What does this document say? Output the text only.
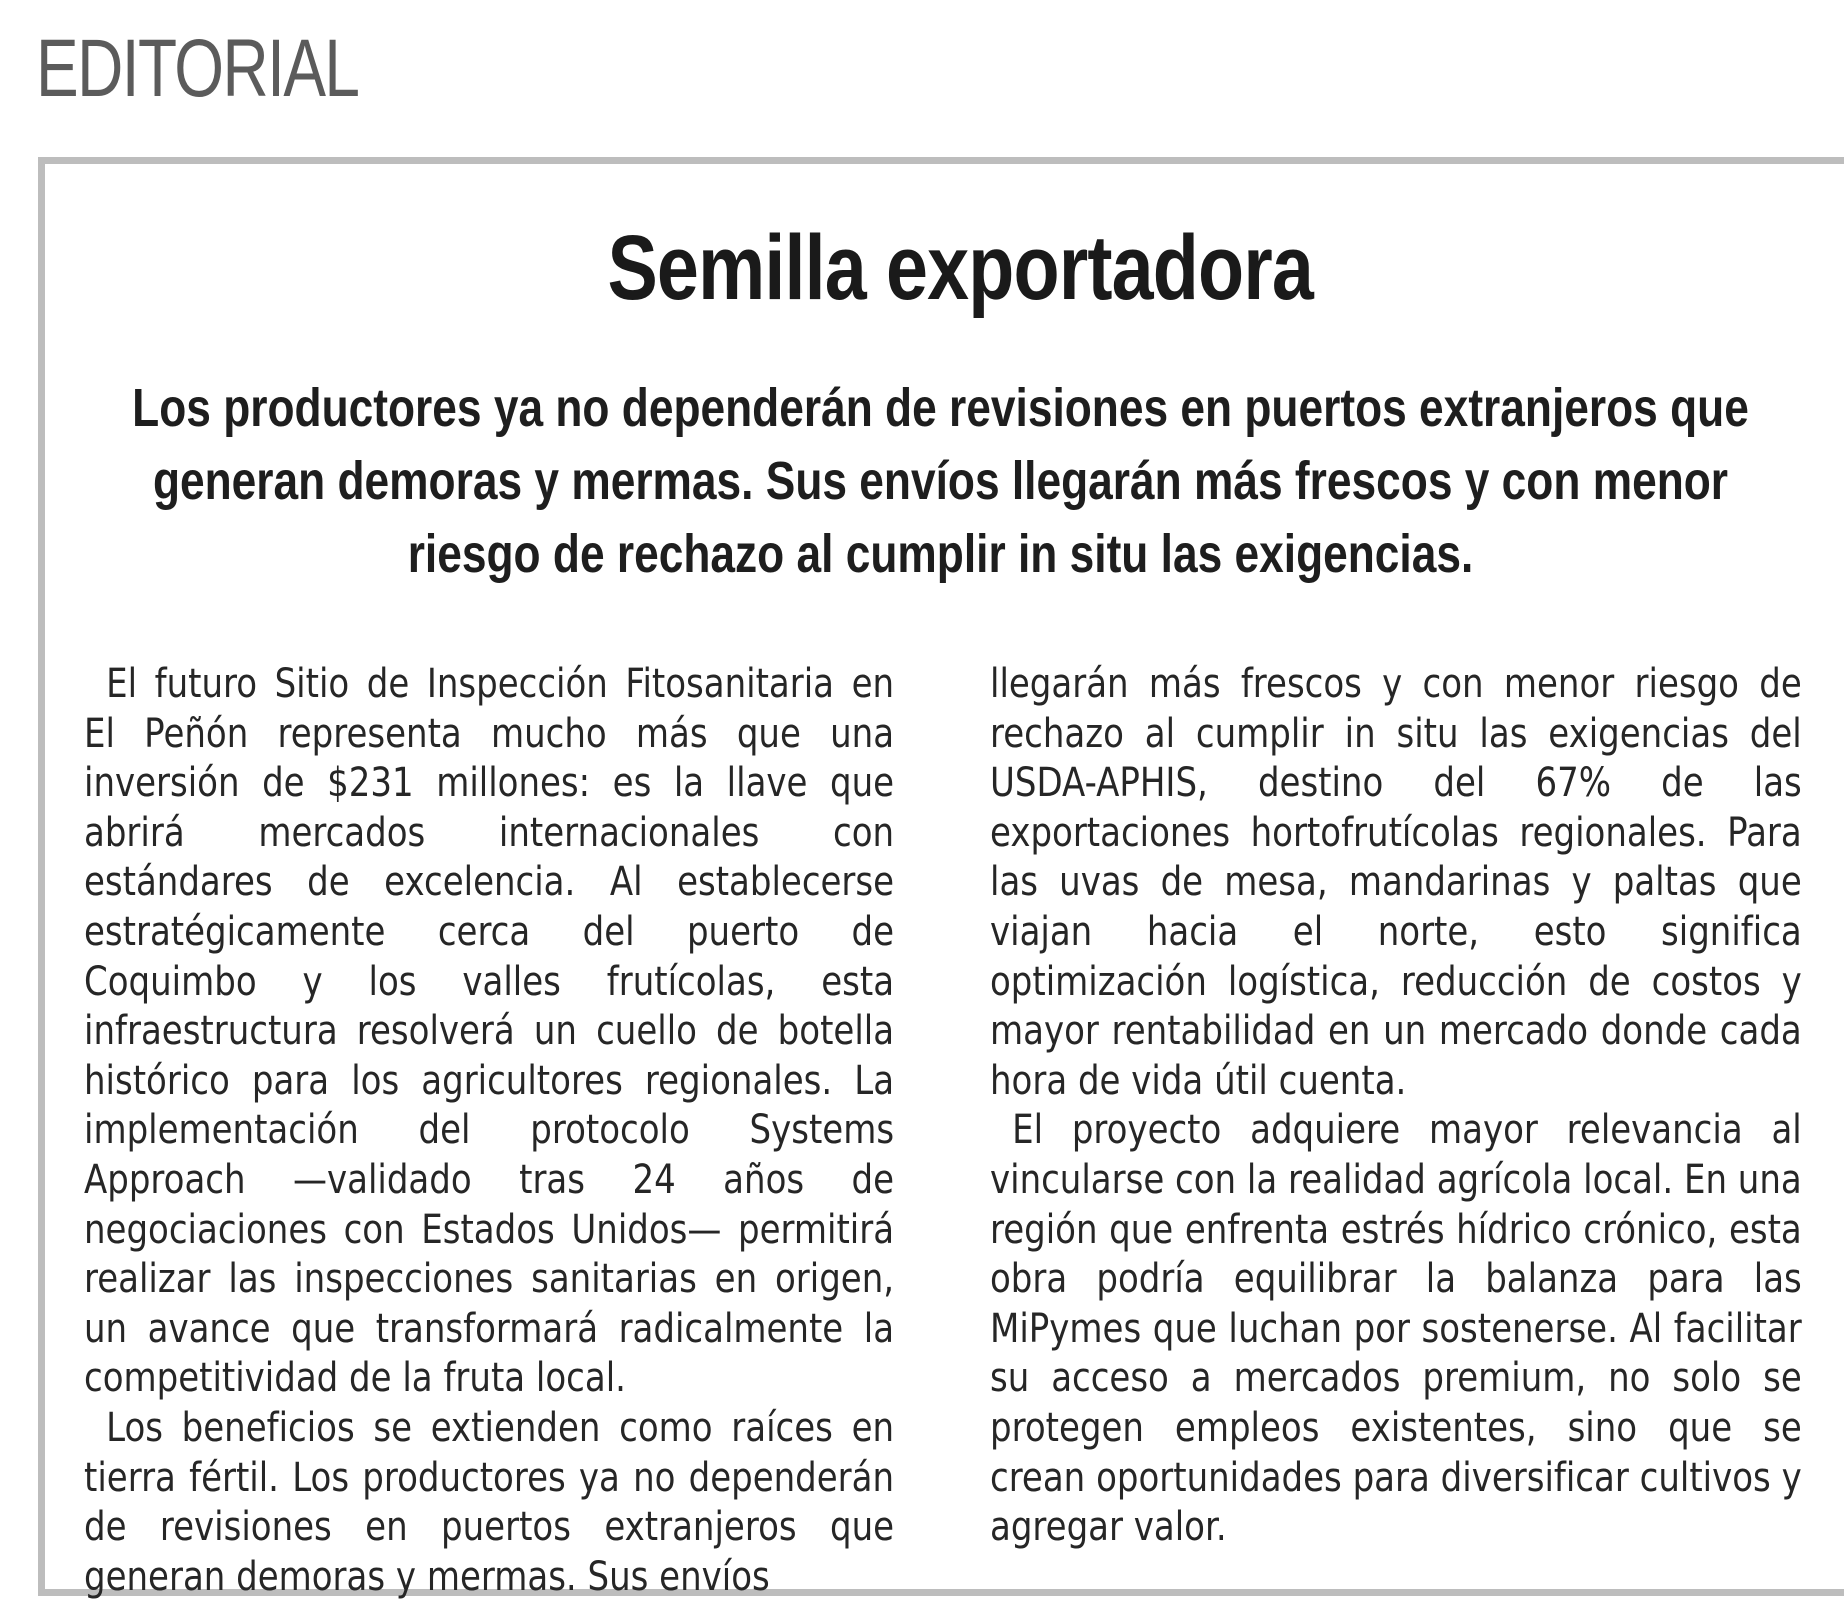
EDITORIAL
Semilla exportadora
Los productores ya no dependerán de revisiones en puertos extranjeros que generan demoras y mermas. Sus envíos llegarán más frescos y con menor riesgo de rechazo al cumplir in situ las exigencias.

El futuro Sitio de Inspección Fitosanitaria en El Peñón representa mucho más que una inversión de $231 millones: es la llave que abrirá mercados internacionales con estándares de excelencia. Al establecerse estratégicamente cerca del puerto de Coquimbo y los valles frutícolas, esta infraestructura resolverá un cuello de botella histórico para los agricultores regionales. La implementación del protocolo Systems Approach —validado tras 24 años de negociaciones con Estados Unidos— permitirá realizar las inspecciones sanitarias en origen, un avance que transformará radicalmente la competitividad de la fruta local.

Los beneficios se extienden como raíces en tierra fértil. Los productores ya no dependerán de revisiones en puertos extranjeros que generan demoras y mermas. Sus envíos

llegarán más frescos y con menor riesgo de rechazo al cumplir in situ las exigencias del USDA-APHIS, destino del 67% de las exportaciones hortofrutícolas regionales. Para las uvas de mesa, mandarinas y paltas que viajan hacia el norte, esto significa optimización logística, reducción de costos y mayor rentabilidad en un mercado donde cada hora de vida útil cuenta.

El proyecto adquiere mayor relevancia al vincularse con la realidad agrícola local. En una región que enfrenta estrés hídrico crónico, esta obra podría equilibrar la balanza para las MiPymes que luchan por sostenerse. Al facilitar su acceso a mercados premium, no solo se protegen empleos existentes, sino que se crean oportunidades para diversificar cultivos y agregar valor.
